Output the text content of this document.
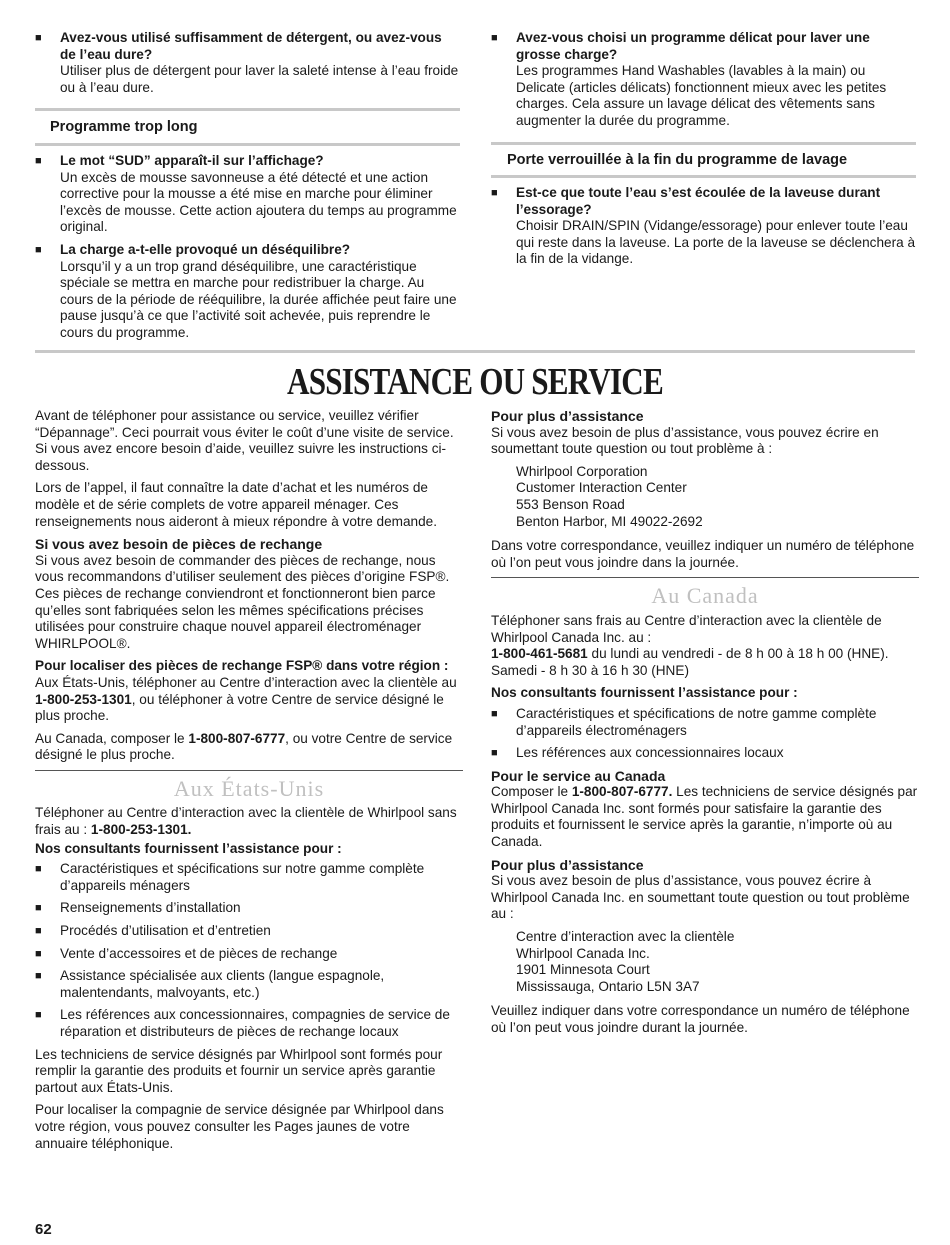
■ Avez-vous utilisé suffisamment de détergent, ou avez-vous de l’eau dure?
Utiliser plus de détergent pour laver la saleté intense à l’eau froide ou à l’eau dure.
Programme trop long
■ Le mot “SUD” apparaît-il sur l’affichage?
Un excès de mousse savonneuse a été détecté et une action corrective pour la mousse a été mise en marche pour éliminer l’excès de mousse. Cette action ajoutera du temps au programme original.
■ La charge a-t-elle provoqué un déséquilibre?
Lorsqu’il y a un trop grand déséquilibre, une caractéristique spéciale se mettra en marche pour redistribuer la charge. Au cours de la période de rééquilibre, la durée affichée peut faire une pause jusqu’à ce que l’activité soit achevée, puis reprendre le cours du programme.
■ Avez-vous choisi un programme délicat pour laver une grosse charge?
Les programmes Hand Washables (lavables à la main) ou Delicate (articles délicats) fonctionnent mieux avec les petites charges. Cela assure un lavage délicat des vêtements sans augmenter la durée du programme.
Porte verrouillée à la fin du programme de lavage
■ Est-ce que toute l’eau s’est écoulée de la laveuse durant l’essorage?
Choisir DRAIN/SPIN (Vidange/essorage) pour enlever toute l’eau qui reste dans la laveuse. La porte de la laveuse se déclenchera à la fin de la vidange.
ASSISTANCE OU SERVICE

Avant de téléphoner pour assistance ou service, veuillez vérifier “Dépannage”. Ceci pourrait vous éviter le coût d’une visite de service. Si vous avez encore besoin d’aide, veuillez suivre les instructions ci-dessous.

Lors de l’appel, il faut connaître la date d’achat et les numéros de modèle et de série complets de votre appareil ménager. Ces renseignements nous aideront à mieux répondre à votre demande.

Si vous avez besoin de pièces de rechange

Si vous avez besoin de commander des pièces de rechange, nous vous recommandons d’utiliser seulement des pièces d’origine FSP®. Ces pièces de rechange conviendront et fonctionneront bien parce qu’elles sont fabriquées selon les mêmes spécifications précises utilisées pour construire chaque nouvel appareil électroménager WHIRLPOOL®.

Pour localiser des pièces de rechange FSP® dans votre région :

Aux États-Unis, téléphoner au Centre d’interaction avec la clientèle au 1-800-253-1301, ou téléphoner à votre Centre de service désigné le plus proche.

Au Canada, composer le 1-800-807-6777, ou votre Centre de service désigné le plus proche.

Aux États-Unis

Téléphoner au Centre d’interaction avec la clientèle de Whirlpool sans frais au : 1-800-253-1301.

Nos consultants fournissent l’assistance pour :
■ Caractéristiques et spécifications sur notre gamme complète d’appareils ménagers
■ Renseignements d’installation
■ Procédés d’utilisation et d’entretien
■ Vente d’accessoires et de pièces de rechange
■ Assistance spécialisée aux clients (langue espagnole, malentendants, malvoyants, etc.)
■ Les références aux concessionnaires, compagnies de service de réparation et distributeurs de pièces de rechange locaux

Les techniciens de service désignés par Whirlpool sont formés pour remplir la garantie des produits et fournir un service après garantie partout aux États-Unis.

Pour localiser la compagnie de service désignée par Whirlpool dans votre région, vous pouvez consulter les Pages jaunes de votre annuaire téléphonique.

Pour plus d’assistance

Si vous avez besoin de plus d’assistance, vous pouvez écrire en soumettant toute question ou tout problème à :

Whirlpool Corporation
Customer Interaction Center
553 Benson Road
Benton Harbor, MI 49022-2692

Dans votre correspondance, veuillez indiquer un numéro de téléphone où l’on peut vous joindre dans la journée.

Au Canada

Téléphoner sans frais au Centre d’interaction avec la clientèle de Whirlpool Canada Inc. au :

1-800-461-5681 du lundi au vendredi - de 8 h 00 à 18 h 00 (HNE). Samedi - 8 h 30 à 16 h 30 (HNE)

Nos consultants fournissent l’assistance pour :
■ Caractéristiques et spécifications de notre gamme complète d’appareils électroménagers
■ Les références aux concessionnaires locaux
Pour le service au Canada

Composer le 1-800-807-6777. Les techniciens de service désignés par Whirlpool Canada Inc. sont formés pour satisfaire la garantie des produits et fournissent le service après la garantie, n’importe où au Canada.

Pour plus d’assistance

Si vous avez besoin de plus d’assistance, vous pouvez écrire à Whirlpool Canada Inc. en soumettant toute question ou tout problème au :

Centre d’interaction avec la clientèle
Whirlpool Canada Inc.
1901 Minnesota Court
Mississauga, Ontario L5N 3A7

Veuillez indiquer dans votre correspondance un numéro de téléphone où l’on peut vous joindre durant la journée.

62
